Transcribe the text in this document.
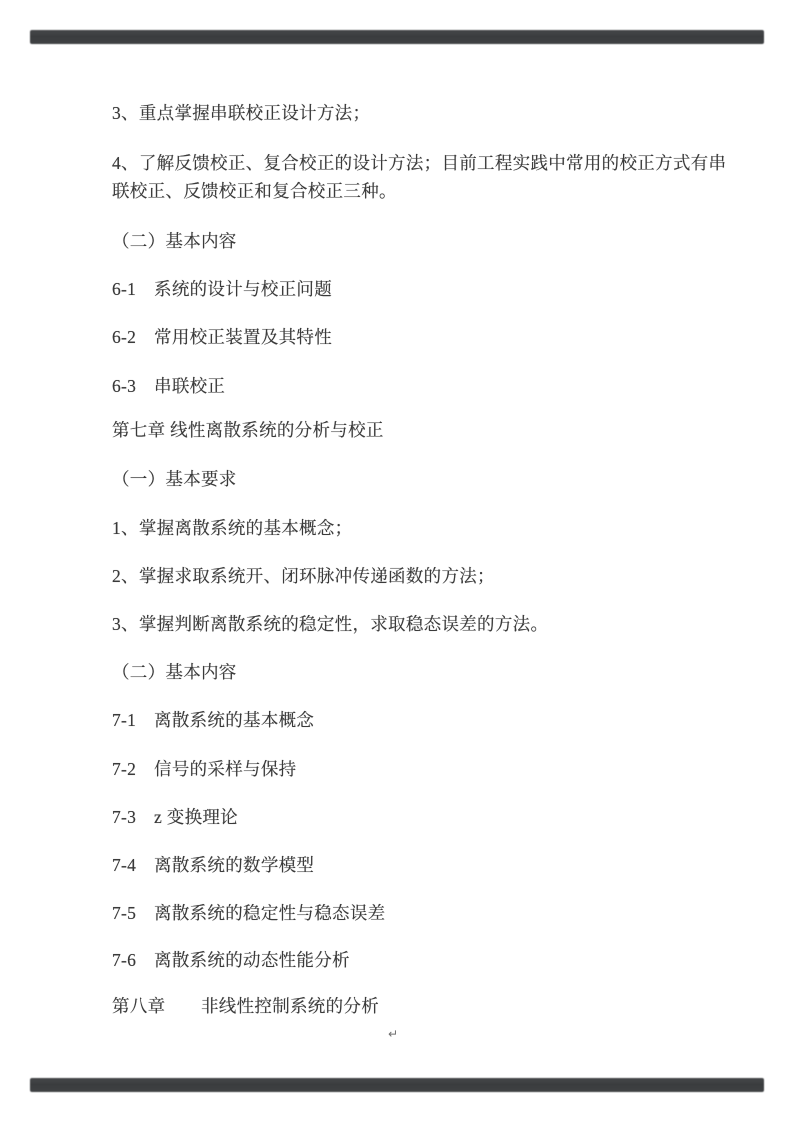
3、重点掌握串联校正设计方法；
4、了解反馈校正、复合校正的设计方法；目前工程实践中常用的校正方式有串
联校正、反馈校正和复合校正三种。
（二）基本内容
6-1　系统的设计与校正问题
6-2　常用校正装置及其特性
6-3　串联校正
第七章 线性离散系统的分析与校正
（一）基本要求
1、掌握离散系统的基本概念；
2、掌握求取系统开、闭环脉冲传递函数的方法；
3、掌握判断离散系统的稳定性，求取稳态误差的方法。
（二）基本内容
7-1　离散系统的基本概念
7-2　信号的采样与保持
7-3　z 变换理论
7-4　离散系统的数学模型
7-5　离散系统的稳定性与稳态误差
7-6　离散系统的动态性能分析
第八章　　非线性控制系统的分析
↵
